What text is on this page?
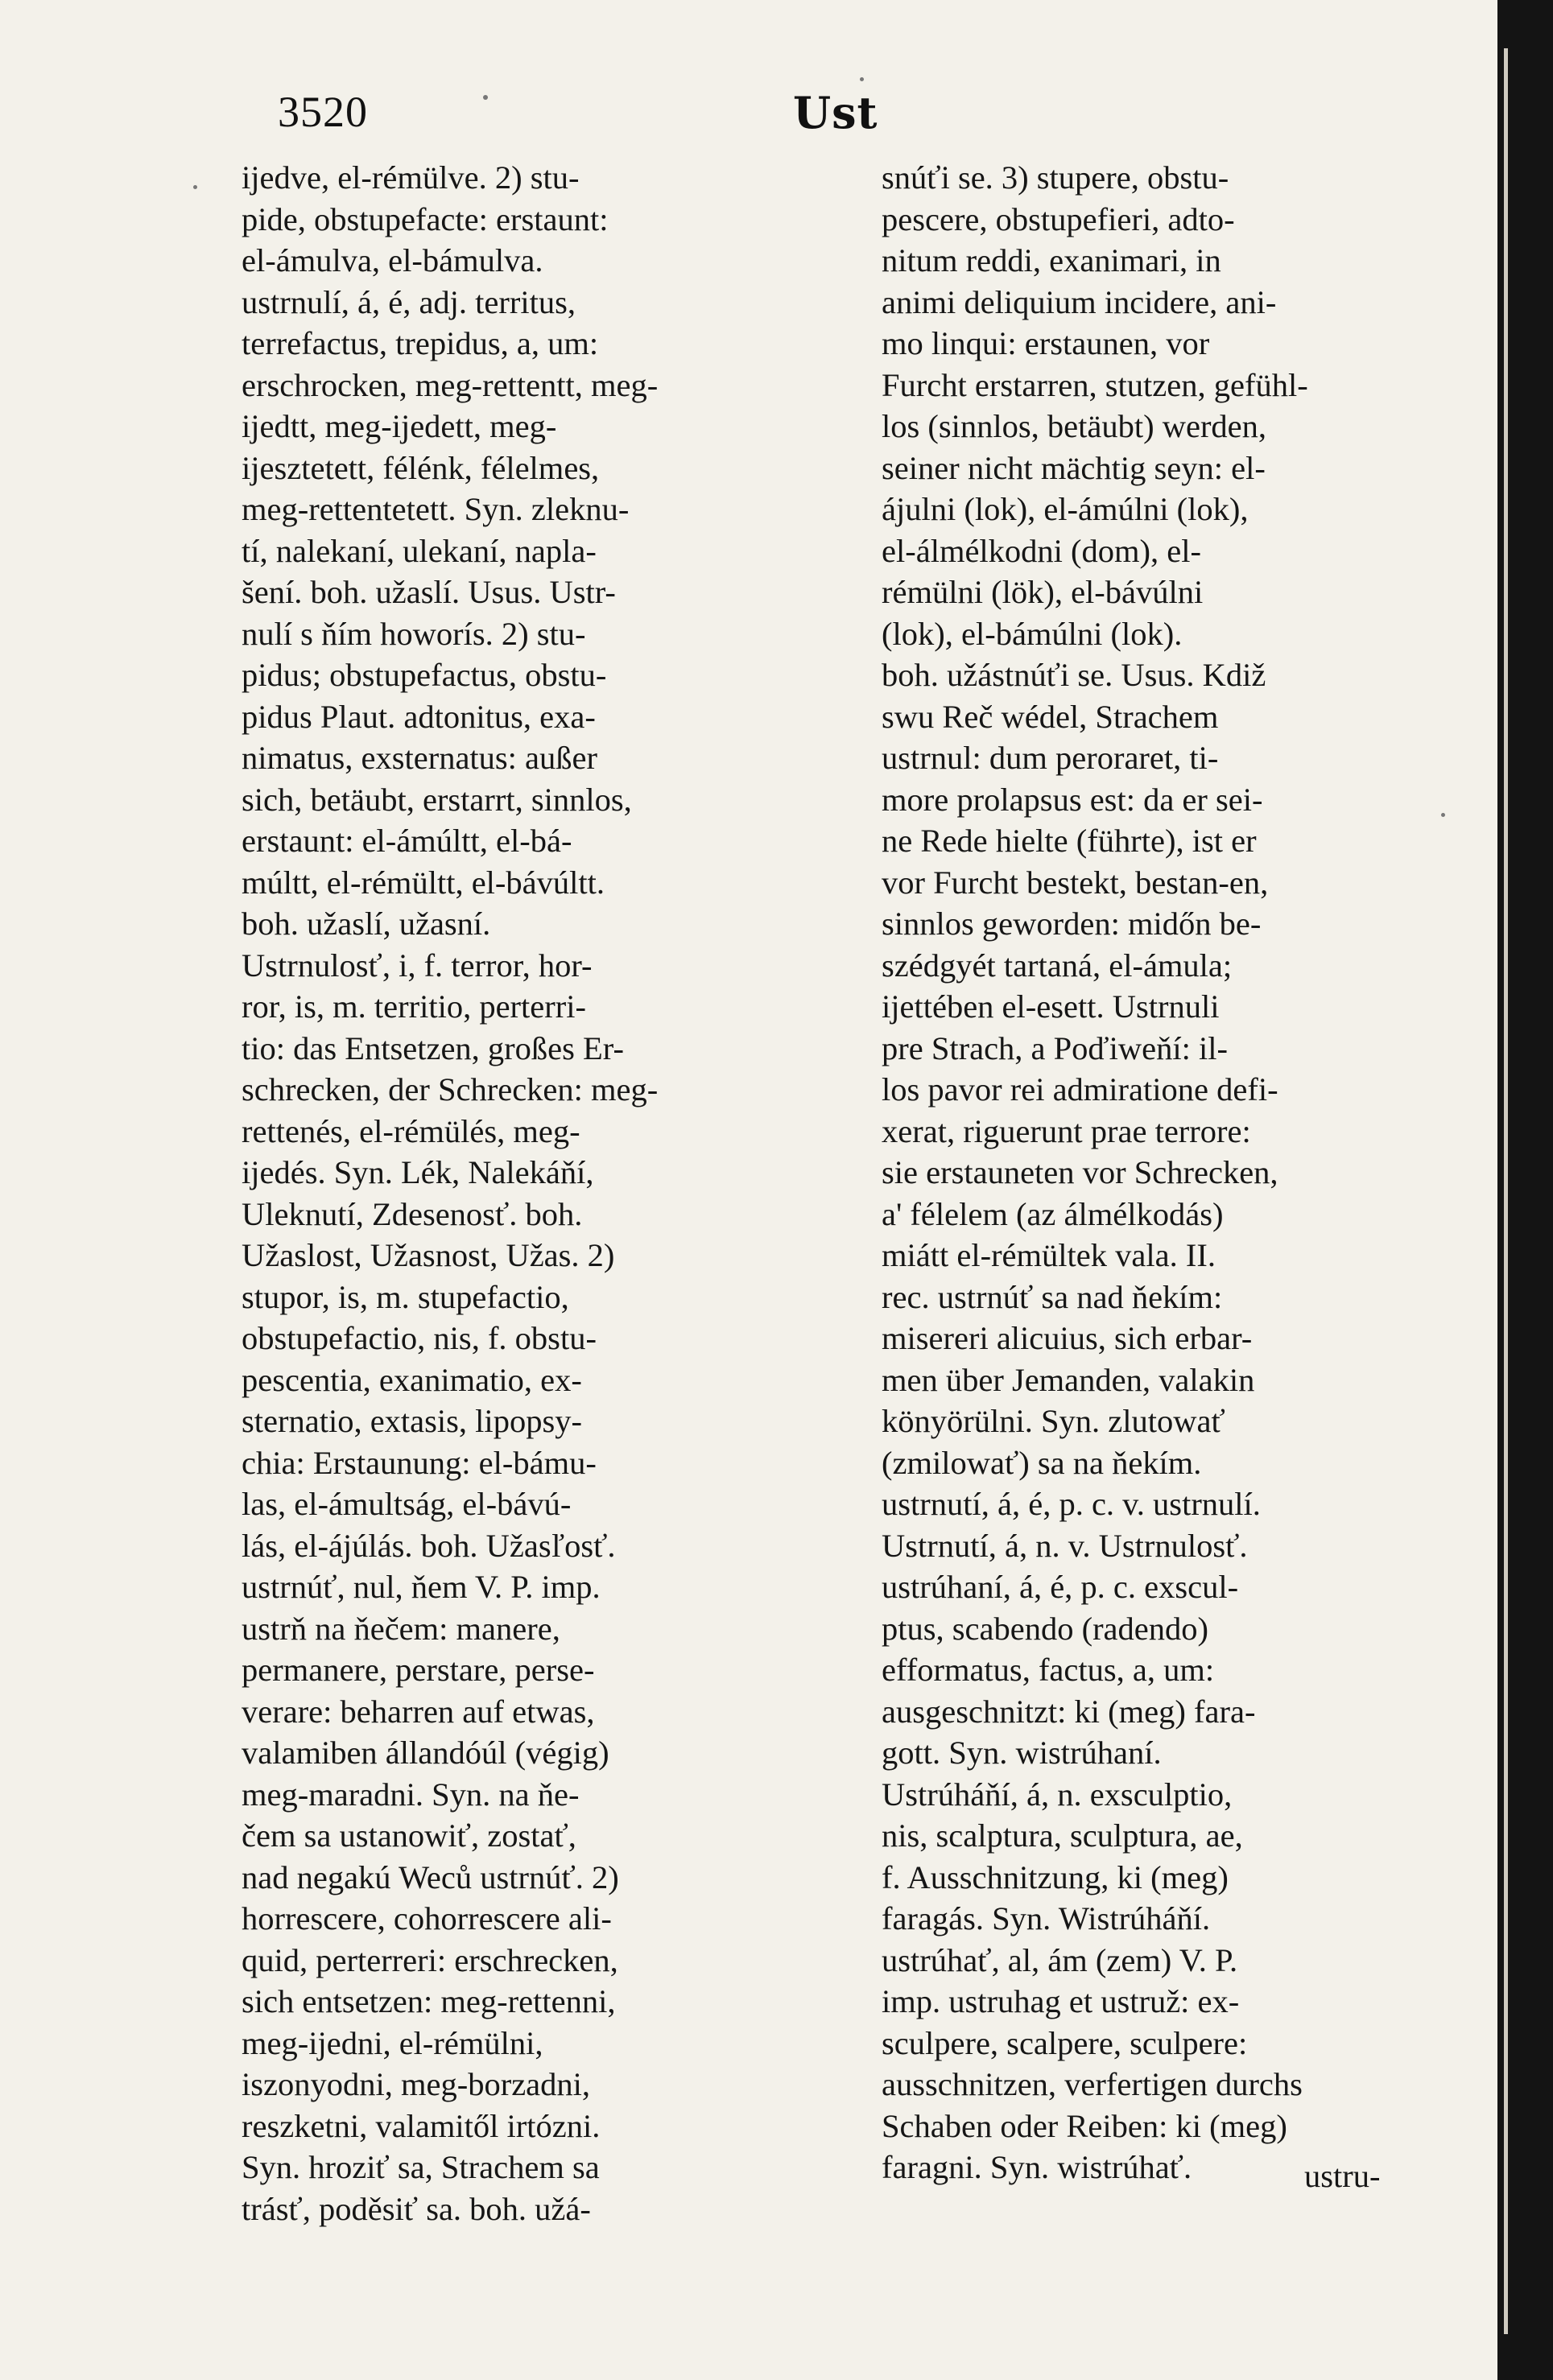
3520	Ust
ijedve, el-rémülve. 2) stu-
pide, obstupefacte: erstaunt:
el-ámulva, el-bámulva.
ustrnulí, á, é, adj. territus,
terrefactus, trepidus, a, um:
erschrocken, meg-rettentt, meg-
ijedtt, meg-ijedett, meg-
ijesztetett, félénk, félelmes,
meg-rettentetett. Syn. zleknu-
tí, nalekaní, ulekaní, napla-
šení. boh. užaslí. Usus. Ustr-
nulí s ňím howorís. 2) stu-
pidus; obstupefactus, obstu-
pidus Plaut. adtonitus, exa-
nimatus, exsternatus: außer
sich, betäubt, erstarrt, sinnlos,
erstaunt: el-ámúltt, el-bá-
múltt, el-rémültt, el-bávúltt.
boh. užaslí, užasní.
Ustrnulosť, i, f. terror, hor-
ror, is, m. territio, perterri-
tio: das Entsetzen, großes Er-
schrecken, der Schrecken: meg-
rettenés, el-rémülés, meg-
ijedés. Syn. Lék, Nalekáňí,
Uleknutí, Zdesenosť. boh.
Užaslost, Užasnost, Užas. 2)
stupor, is, m. stupefactio,
obstupefactio, nis, f. obstu-
pescentia, exanimatio, ex-
sternatio, extasis, lipopsy-
chia: Erstaunung: el-bámu-
las, el-ámultság, el-bávú-
lás, el-ájúlás. boh. Užasľosť.
ustrnúť, nul, ňem V. P. imp.
ustrň na ňečem: manere,
permanere, perstare, perse-
verare: beharren auf etwas,
valamiben állandóúl (végig)
meg-maradni. Syn. na ňe-
čem sa ustanowiť, zostať,
nad negakú Weců ustrnúť. 2)
horrescere, cohorrescere ali-
quid, perterreri: erschrecken,
sich entsetzen: meg-rettenni,
meg-ijedni, el-rémülni,
iszonyodni, meg-borzadni,
reszketni, valamitől irtózni.
Syn. hroziť sa, Strachem sa
trásť, poděsiť sa. boh. užá-
snúťi se. 3) stupere, obstu-
pescere, obstupefieri, adto-
nitum reddi, exanimari, in
animi deliquium incidere, ani-
mo linqui: erstaunen, vor
Furcht erstarren, stutzen, gefühl-
los (sinnlos, betäubt) werden,
seiner nicht mächtig seyn: el-
ájulni (lok), el-ámúlni (lok),
el-álmélkodni (dom), el-
rémülni (lök), el-bávúlni
(lok), el-bámúlni (lok).
boh. užástnúťi se. Usus. Kdiž
swu Reč wédel, Strachem
ustrnul: dum peroraret, ti-
more prolapsus est: da er sei-
ne Rede hielte (führte), ist er
vor Furcht bestekt, bestan-en,
sinnlos geworden: midőn be-
szédgyét tartaná, el-ámula;
ijettében el-esett. Ustrnuli
pre Strach, a Poďiweňí: il-
los pavor rei admiratione defi-
xerat, riguerunt prae terrore:
sie erstauneten vor Schrecken,
a' félelem (az álmélkodás)
miátt el-rémültek vala. II.
rec. ustrnúť sa nad ňekím:
misereri alicuius, sich erbar-
men über Jemanden, valakin
könyörülni. Syn. zlutowať
(zmilowať) sa na ňekím.
ustrnutí, á, é, p. c. v. ustrnulí.
Ustrnutí, á, n. v. Ustrnulosť.
ustrúhaní, á, é, p. c. exscul-
ptus, scabendo (radendo)
efformatus, factus, a, um:
ausgeschnitzt: ki (meg) fara-
gott. Syn. wistrúhaní.
Ustrúháňí, á, n. exsculptio,
nis, scalptura, sculptura, ae,
f. Ausschnitzung, ki (meg)
faragás. Syn. Wistrúháňí.
ustrúhať, al, ám (zem) V. P.
imp. ustruhag et ustruž: ex-
sculpere, scalpere, sculpere:
ausschnitzen, verfertigen durchs
Schaben oder Reiben: ki (meg)
faragni. Syn. wistrúhať.	ustru-
